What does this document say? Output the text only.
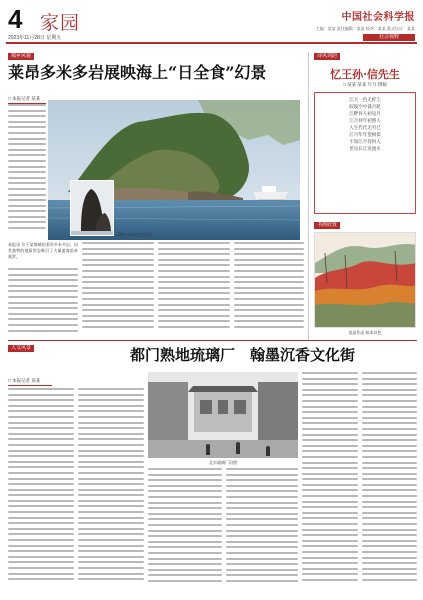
4 家园
2023年11月28日 星期五
中国社会科学报
主编：某某 责任编辑：某某 校对：某某 版式设计：某某
社会视野
城乡风貌
莱昂多米多岩展映海上“日全食”幻景
□ 本报记者 某某
蒂纳卡迪岛黑色岩石
本报讯 位于某海域的莱昂多米多岩，因其独特的地质形态吸引了大量游客前来观赏。
诗风词韵
忆王孙·信先生
□ 某某 某某 年月 撰稿
江天一色无纤尘
皎皎空中孤月轮
江畔何人初见月
江月何年初照人
人生代代无穷已
江月年年望相似
不知江月待何人
但见长江送流水
书画欣赏
某某作品 纸本设色
人文风景	都门熟地琉璃厂　翰墨沉香文化街
□ 本报记者 某某
北京琉璃厂旧照
